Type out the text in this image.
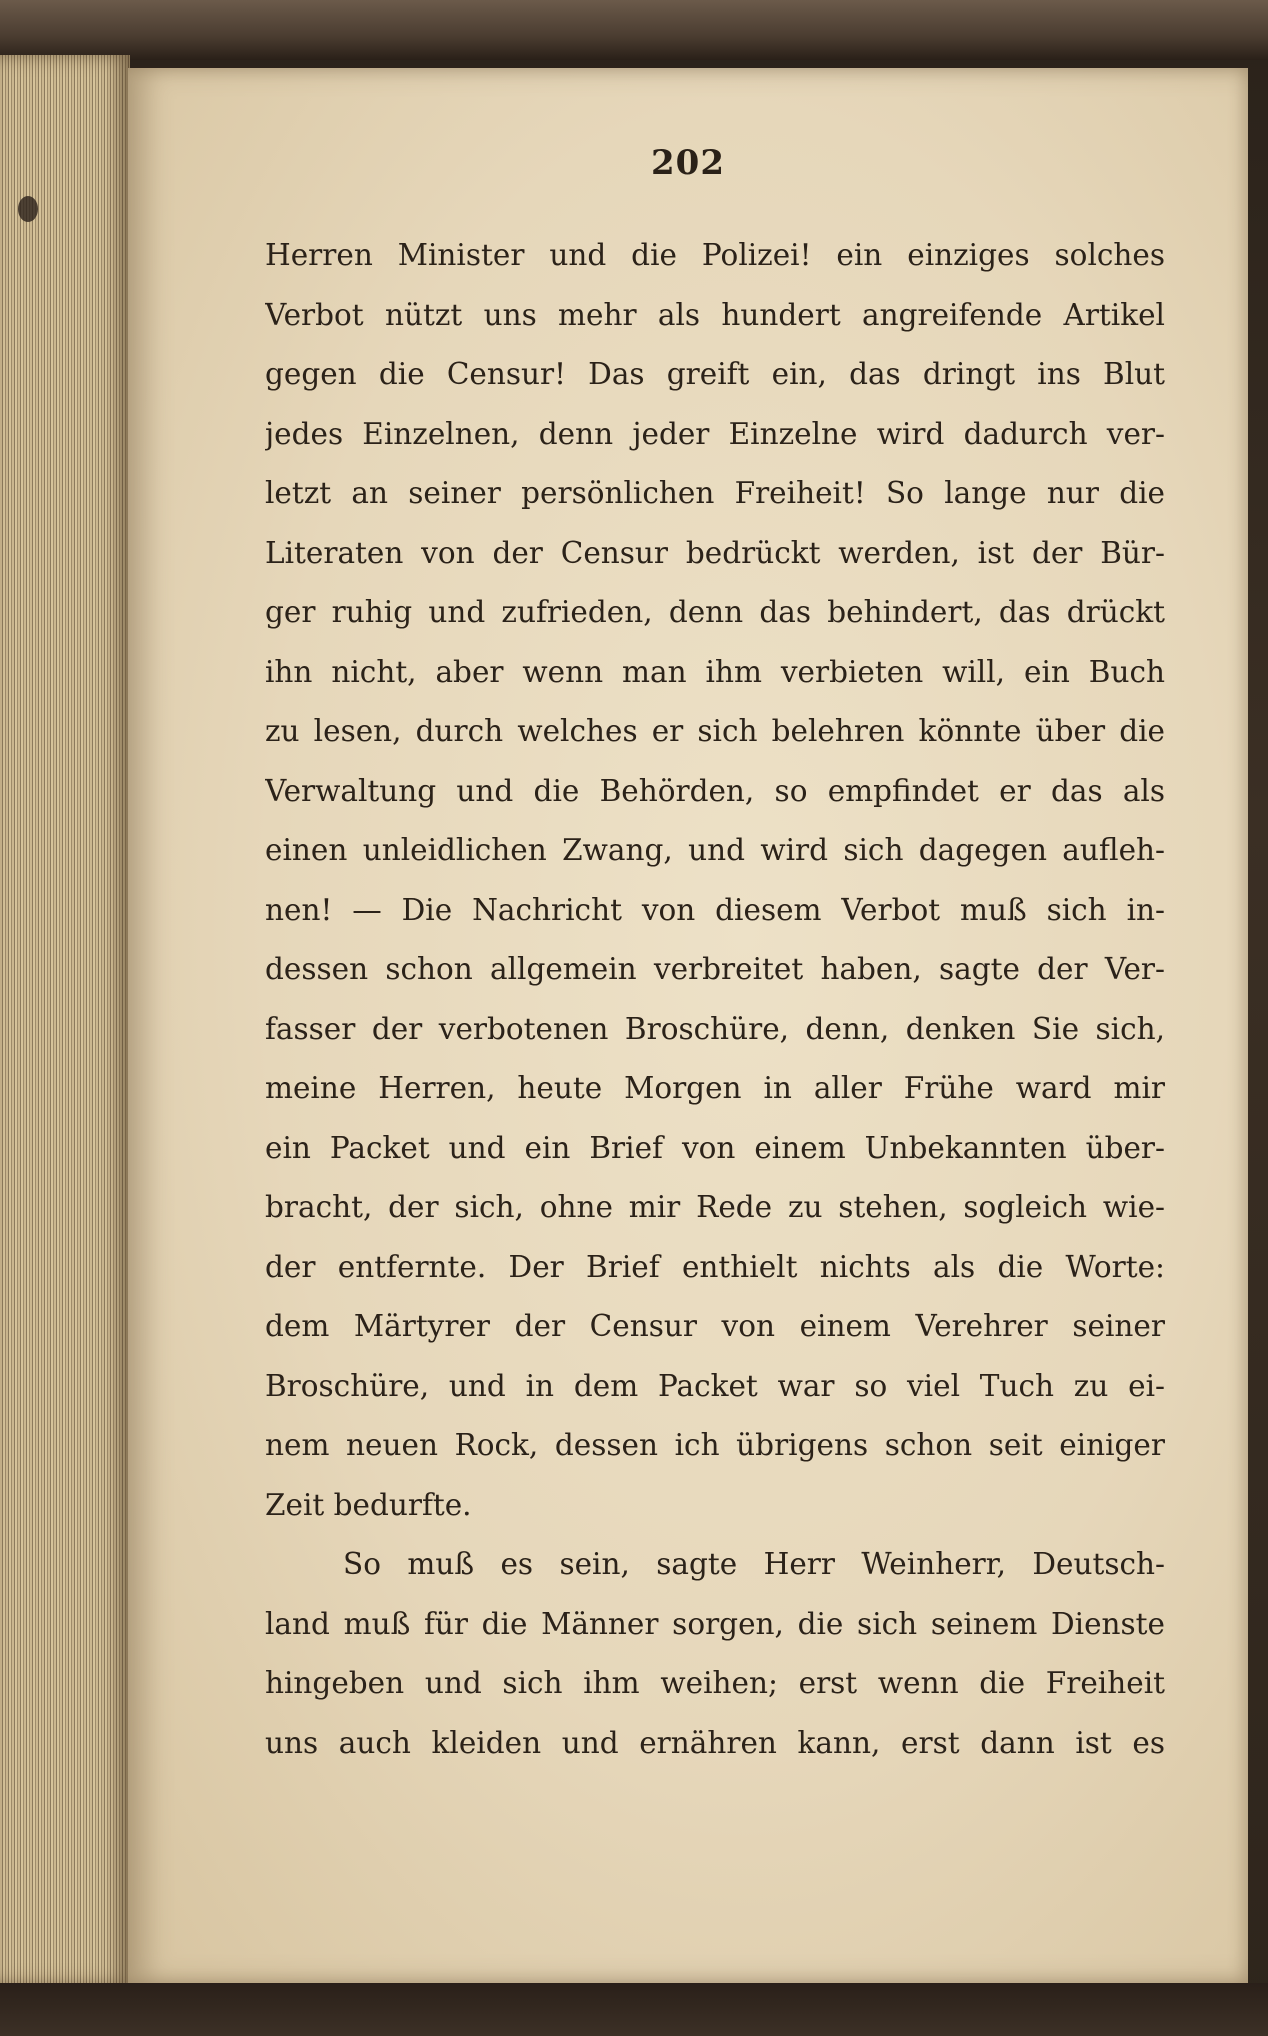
202
Herren Minister und die Polizei! ein einziges solches
Verbot nützt uns mehr als hundert angreifende Artikel
gegen die Censur! Das greift ein, das dringt ins Blut
jedes Einzelnen, denn jeder Einzelne wird dadurch ver-
letzt an seiner persönlichen Freiheit! So lange nur die
Literaten von der Censur bedrückt werden, ist der Bür-
ger ruhig und zufrieden, denn das behindert, das drückt
ihn nicht, aber wenn man ihm verbieten will, ein Buch
zu lesen, durch welches er sich belehren könnte über die
Verwaltung und die Behörden, so empfindet er das als
einen unleidlichen Zwang, und wird sich dagegen aufleh-
nen! — Die Nachricht von diesem Verbot muß sich in-
dessen schon allgemein verbreitet haben, sagte der Ver-
fasser der verbotenen Broschüre, denn, denken Sie sich,
meine Herren, heute Morgen in aller Frühe ward mir
ein Packet und ein Brief von einem Unbekannten über-
bracht, der sich, ohne mir Rede zu stehen, sogleich wie-
der entfernte. Der Brief enthielt nichts als die Worte:
dem Märtyrer der Censur von einem Verehrer seiner
Broschüre, und in dem Packet war so viel Tuch zu ei-
nem neuen Rock, dessen ich übrigens schon seit einiger
Zeit bedurfte.
So muß es sein, sagte Herr Weinherr, Deutsch-
land muß für die Männer sorgen, die sich seinem Dienste
hingeben und sich ihm weihen; erst wenn die Freiheit
uns auch kleiden und ernähren kann, erst dann ist es
